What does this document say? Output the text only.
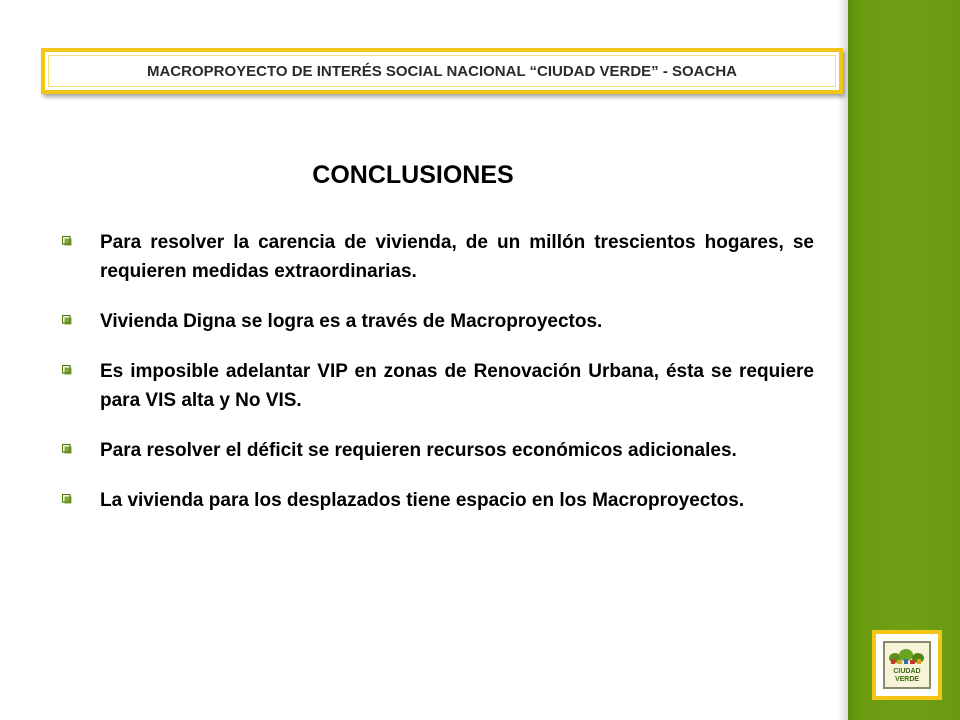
MACROPROYECTO DE INTERÉS SOCIAL NACIONAL “CIUDAD VERDE” - SOACHA
CONCLUSIONES
Para resolver la carencia de vivienda, de un millón trescientos hogares, se requieren medidas extraordinarias.
Vivienda Digna se logra es a través de Macroproyectos.
Es imposible adelantar VIP en zonas de Renovación Urbana, ésta se requiere para VIS alta y No VIS.
Para resolver el déficit se requieren recursos económicos adicionales.
La vivienda para los desplazados tiene espacio en los Macroproyectos.
CIUDAD
VERDE
